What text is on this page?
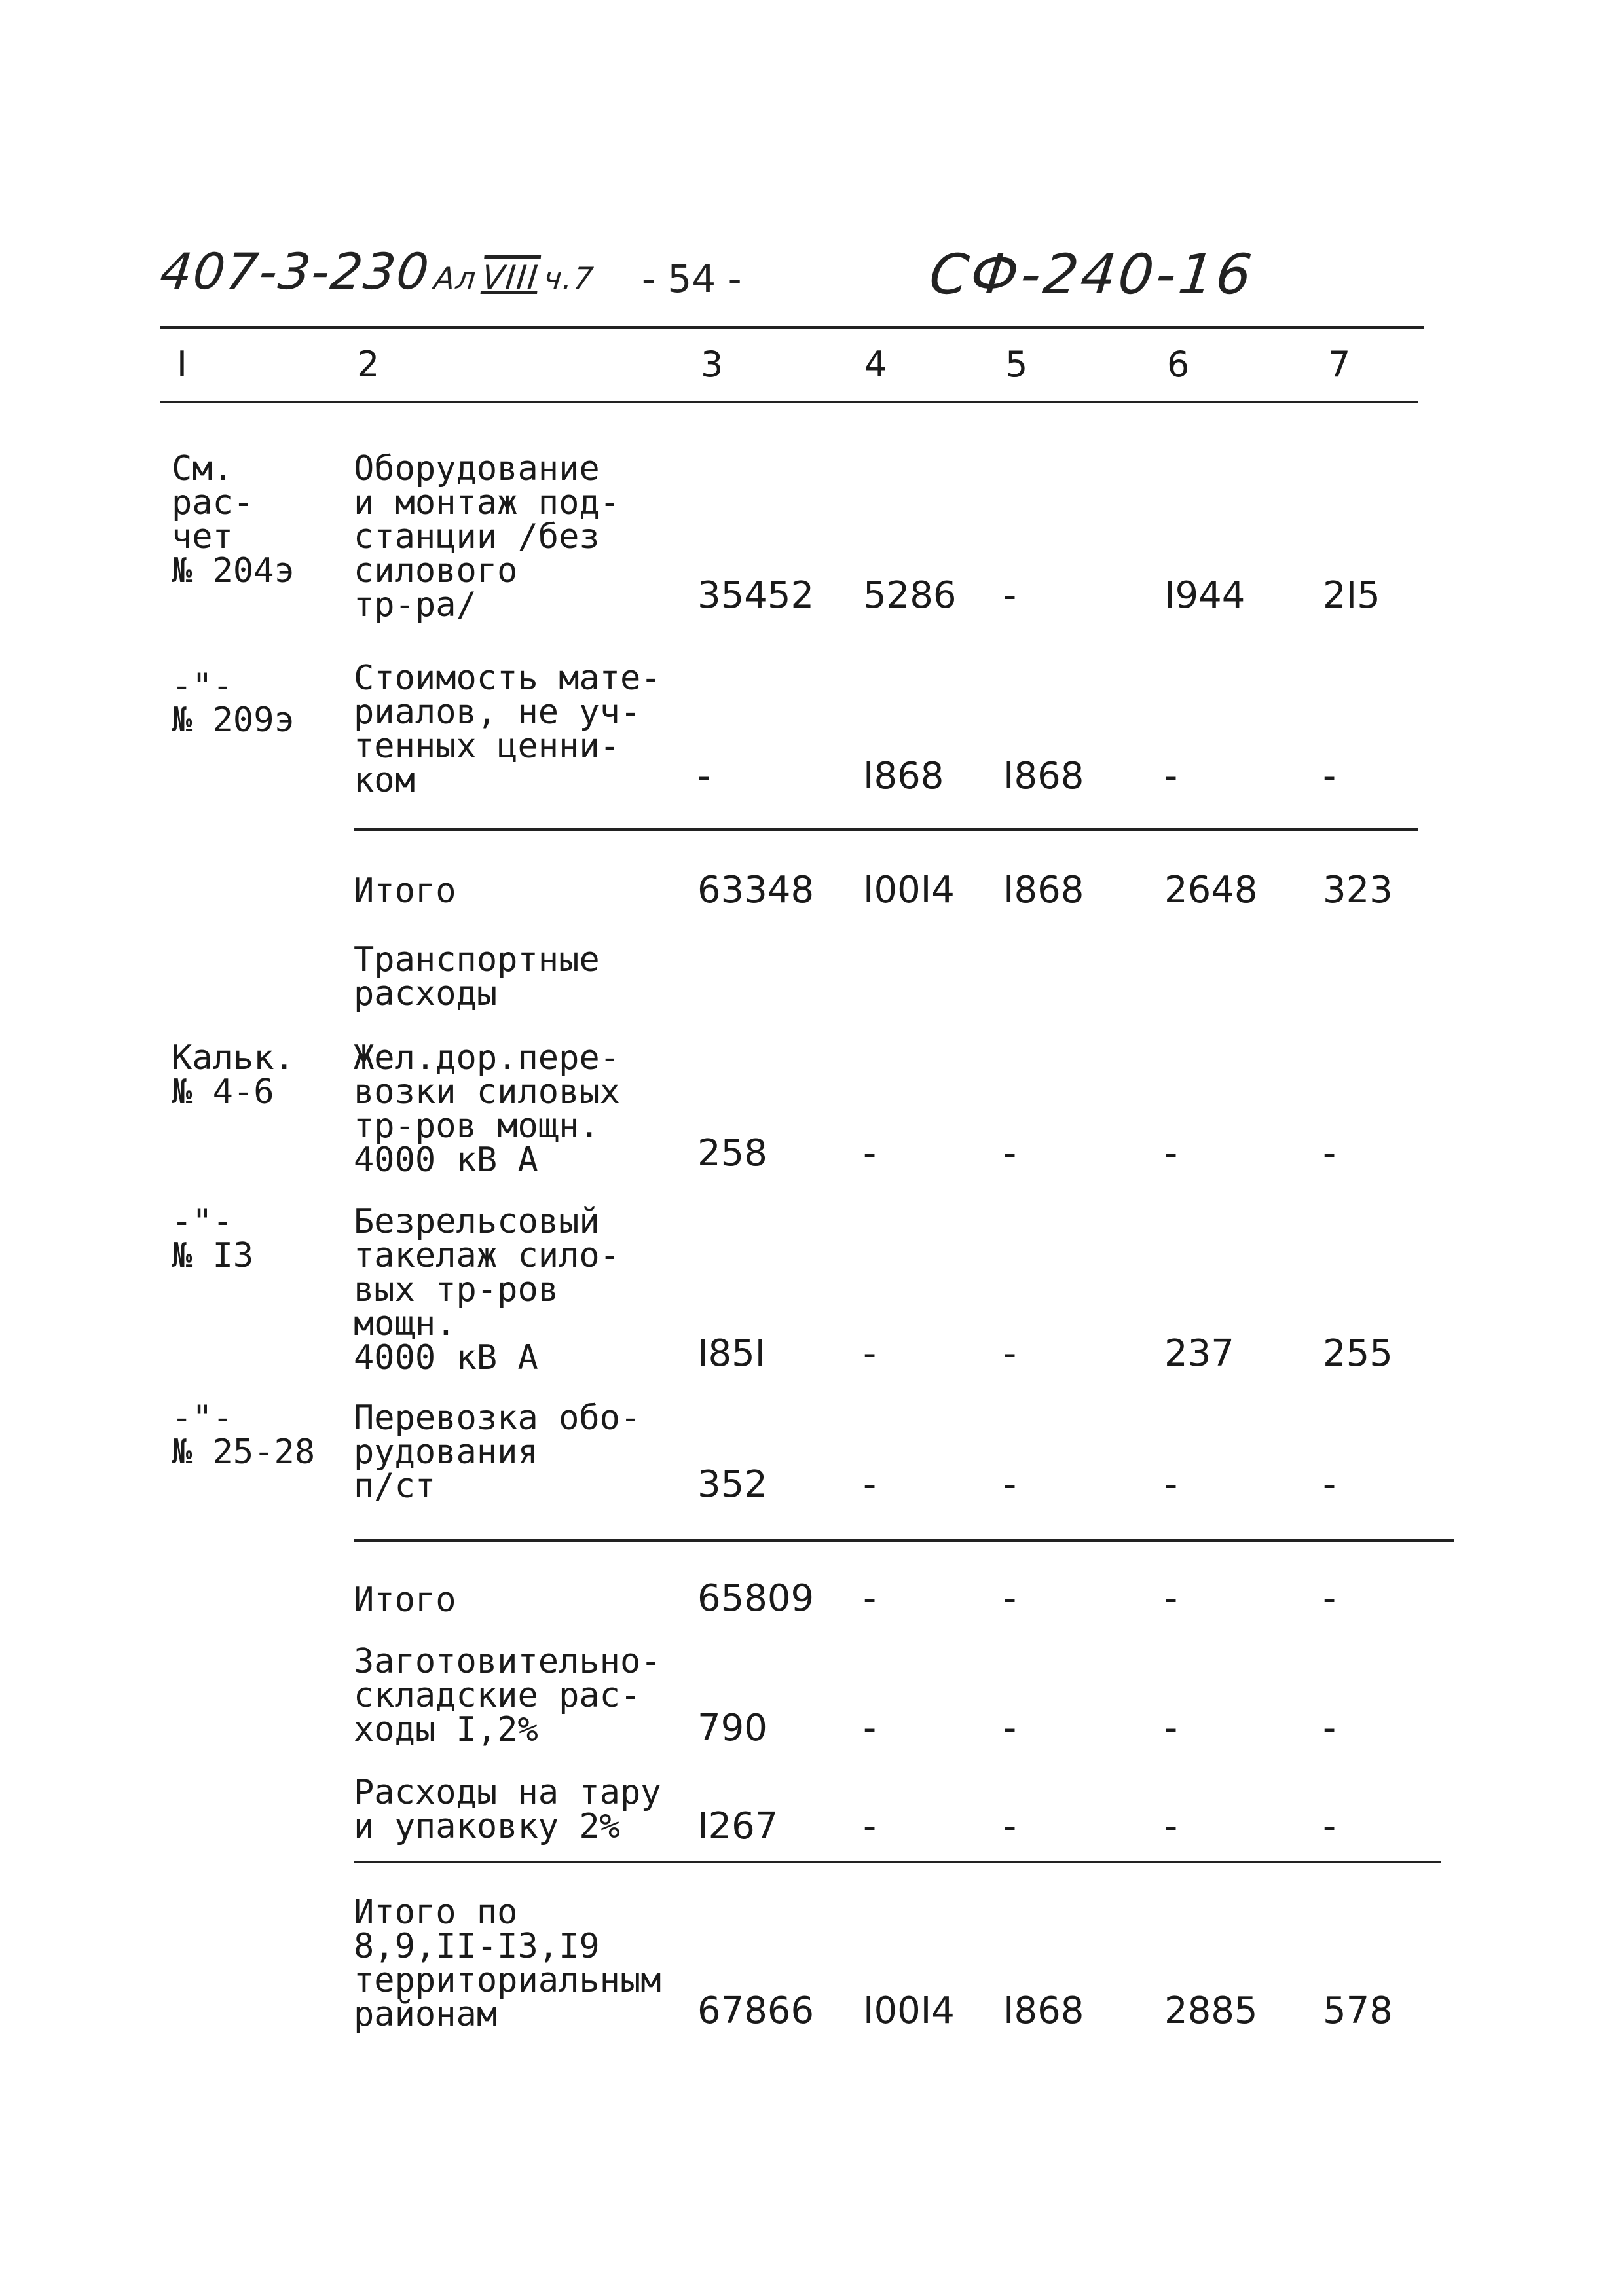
407-3-230АлVIIIч.7 - 54 -	СФ-240-16
I	2	3	4	5	6	7
См.
рас-
чет
№ 204э
Оборудование
и монтаж под-
станции /без
силового
тр-ра/	35452 5286 -	I944 2I5
-"-
№ 209э
Стоимость мате-
риалов, не уч-
тенных ценни-
ком	-	I868 I868 -	-
Итого	63348 I00I4 I868 2648 323
Транспортные
расходы
Кальк.
№ 4-6
Жел.дор.пере-
возки силовых
тр-ров мощн.
4000 кВ А	258	-	-	-	-
-"-
№ I3
Безрельсовый
такелаж сило-
вых тр-ров
мощн.
4000 кВ А	I85I	-	-	237 255
-"-
№ 25-28
Перевозка обо-
рудования
п/ст	352	-	-	-	-
Итого	65809 -	-	-	-
Заготовительно-
складские рас-
ходы I,2%	790	-	-	-	-
Расходы на тару
и упаковку 2%	I267 -	-	-	-
Итого по
8,9,II-I3,I9
территориальным
районам	67866 I00I4 I868 2885 578
